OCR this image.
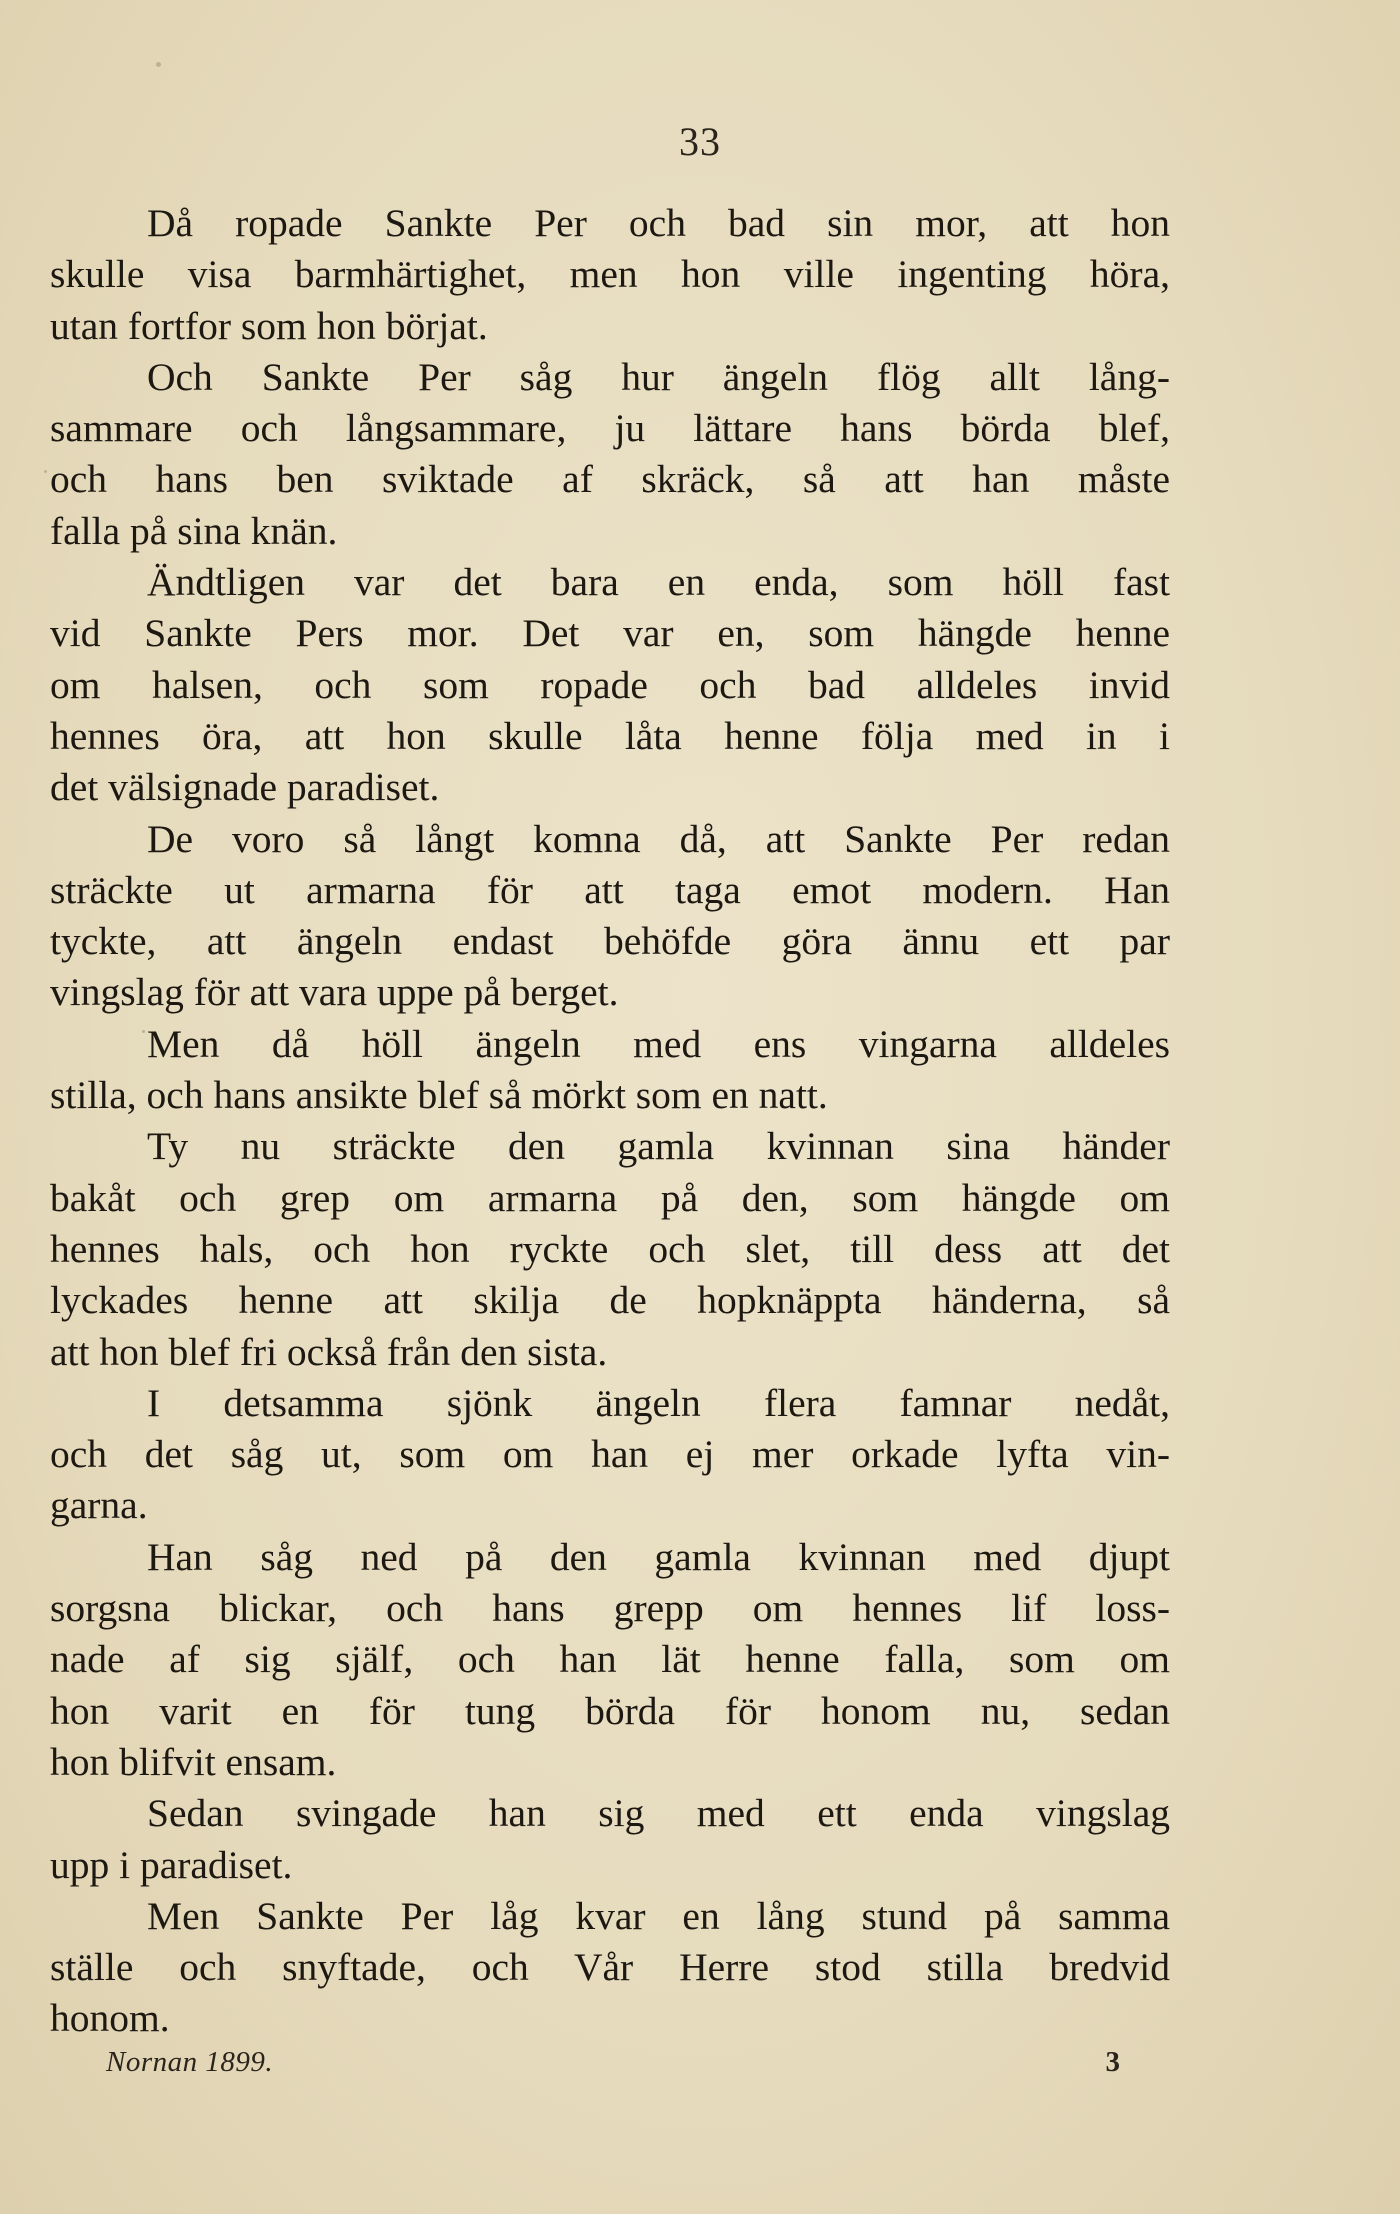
33
Då ropade Sankte Per och bad sin mor, att hon
skulle visa barmhärtighet, men hon ville ingenting höra,
utan fortfor som hon börjat.
Och Sankte Per såg hur ängeln flög allt lång-
sammare och långsammare, ju lättare hans börda blef,
och hans ben sviktade af skräck, så att han måste
falla på sina knän.
Ändtligen var det bara en enda, som höll fast
vid Sankte Pers mor. Det var en, som hängde henne
om halsen, och som ropade och bad alldeles invid
hennes öra, att hon skulle låta henne följa med in i
det välsignade paradiset.
De voro så långt komna då, att Sankte Per redan
sträckte ut armarna för att taga emot modern. Han
tyckte, att ängeln endast behöfde göra ännu ett par
vingslag för att vara uppe på berget.
Men då höll ängeln med ens vingarna alldeles
stilla, och hans ansikte blef så mörkt som en natt.
Ty nu sträckte den gamla kvinnan sina händer
bakåt och grep om armarna på den, som hängde om
hennes hals, och hon ryckte och slet, till dess att det
lyckades henne att skilja de hopknäppta händerna, så
att hon blef fri också från den sista.
I detsamma sjönk ängeln flera famnar nedåt,
och det såg ut, som om han ej mer orkade lyfta vin-
garna.
Han såg ned på den gamla kvinnan med djupt
sorgsna blickar, och hans grepp om hennes lif loss-
nade af sig själf, och han lät henne falla, som om
hon varit en för tung börda för honom nu, sedan
hon blifvit ensam.
Sedan svingade han sig med ett enda vingslag
upp i paradiset.
Men Sankte Per låg kvar en lång stund på samma
ställe och snyftade, och Vår Herre stod stilla bredvid
honom.
Nornan 1899.	3
